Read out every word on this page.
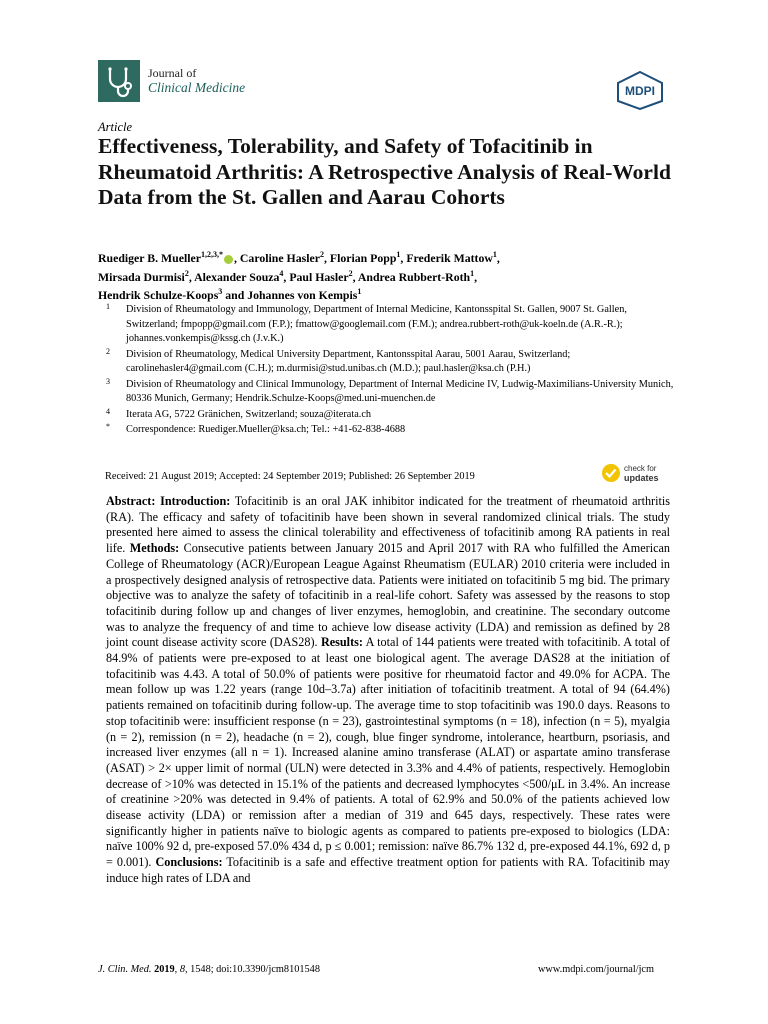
Journal of
Clinical Medicine	MDPI
Article
Effectiveness, Tolerability, and Safety of Tofacitinib in Rheumatoid Arthritis: A Retrospective Analysis of Real-World Data from the St. Gallen and Aarau Cohorts
Ruediger B. Mueller$^{1,2,3,*}$ , Caroline Hasler$^2$, Florian Popp$^1$, Frederik Mattow$^1$,
Mirsada Durmisi$^2$, Alexander Souza$^4$, Paul Hasler$^2$, Andrea Rubbert-Roth$^1$,
Hendrik Schulze-Koops$^3$ and Johannes von Kempis$^1$
1 Division of Rheumatology and Immunology, Department of Internal Medicine, Kantonsspital St. Gallen, 9007 St. Gallen, Switzerland; fmpopp@gmail.com (F.P.); fmattow@googlemail.com (F.M.); andrea.rubbert-roth@uk-koeln.de (A.R.-R.); johannes.vonkempis@kssg.ch (J.v.K.)
2 Division of Rheumatology, Medical University Department, Kantonsspital Aarau, 5001 Aarau, Switzerland; carolinehasler4@gmail.com (C.H.); m.durmisi@stud.unibas.ch (M.D.); paul.hasler@ksa.ch (P.H.)
3 Division of Rheumatology and Clinical Immunology, Department of Internal Medicine IV, Ludwig-Maximilians-University Munich, 80336 Munich, Germany; Hendrik.Schulze-Koops@med.uni-muenchen.de
4 Iterata AG, 5722 Gränichen, Switzerland; souza@iterata.ch
* Correspondence: Ruediger.Mueller@ksa.ch; Tel.: +41-62-838-4688
Received: 21 August 2019; Accepted: 24 September 2019; Published: 26 September 2019
check for
updates
Abstract: Introduction: Tofacitinib is an oral JAK inhibitor indicated for the treatment of rheumatoid arthritis (RA). The efficacy and safety of tofacitinib have been shown in several randomized clinical trials. The study presented here aimed to assess the clinical tolerability and effectiveness of tofacitinib among RA patients in real life. Methods: Consecutive patients between January 2015 and April 2017 with RA who fulfilled the American College of Rheumatology (ACR)/European League Against Rheumatism (EULAR) 2010 criteria were included in a prospectively designed analysis of retrospective data. Patients were initiated on tofacitinib 5 mg bid. The primary objective was to analyze the safety of tofacitinib in a real-life cohort. Safety was assessed by the reasons to stop tofacitinib during follow up and changes of liver enzymes, hemoglobin, and creatinine. The secondary outcome was to analyze the frequency of and time to achieve low disease activity (LDA) and remission as defined by 28 joint count disease activity score (DAS28). Results: A total of 144 patients were treated with tofacitinib. A total of 84.9% of patients were pre-exposed to at least one biological agent. The average DAS28 at the initiation of tofacitinib was 4.43. A total of 50.0% of patients were positive for rheumatoid factor and 49.0% for ACPA. The mean follow up was 1.22 years (range 10d–3.7a) after initiation of tofacitinib treatment. A total of 94 (64.4%) patients remained on tofacitinib during follow-up. The average time to stop tofacitinib was 190.0 days. Reasons to stop tofacitinib were: insufficient response (n = 23), gastrointestinal symptoms (n = 18), infection (n = 5), myalgia (n = 2), remission (n = 2), headache (n = 2), cough, blue finger syndrome, intolerance, heartburn, psoriasis, and increased liver enzymes (all n = 1). Increased alanine amino transferase (ALAT) or aspartate amino transferase (ASAT) > 2× upper limit of normal (ULN) were detected in 3.3% and 4.4% of patients, respectively. Hemoglobin decrease of >10% was detected in 15.1% of the patients and decreased lymphocytes <500/μL in 3.4%. An increase of creatinine >20% was detected in 9.4% of patients. A total of 62.9% and 50.0% of the patients achieved low disease activity (LDA) or remission after a median of 319 and 645 days, respectively. These rates were significantly higher in patients naïve to biologic agents as compared to patients pre-exposed to biologics (LDA: naïve 100% 92 d, pre-exposed 57.0% 434 d, p ≤ 0.001; remission: naïve 86.7% 132 d, pre-exposed 44.1%, 692 d, p = 0.001). Conclusions: Tofacitinib is a safe and effective treatment option for patients with RA. Tofacitinib may induce high rates of LDA and
J. Clin. Med. 2019, 8, 1548; doi:10.3390/jcm8101548	www.mdpi.com/journal/jcm
